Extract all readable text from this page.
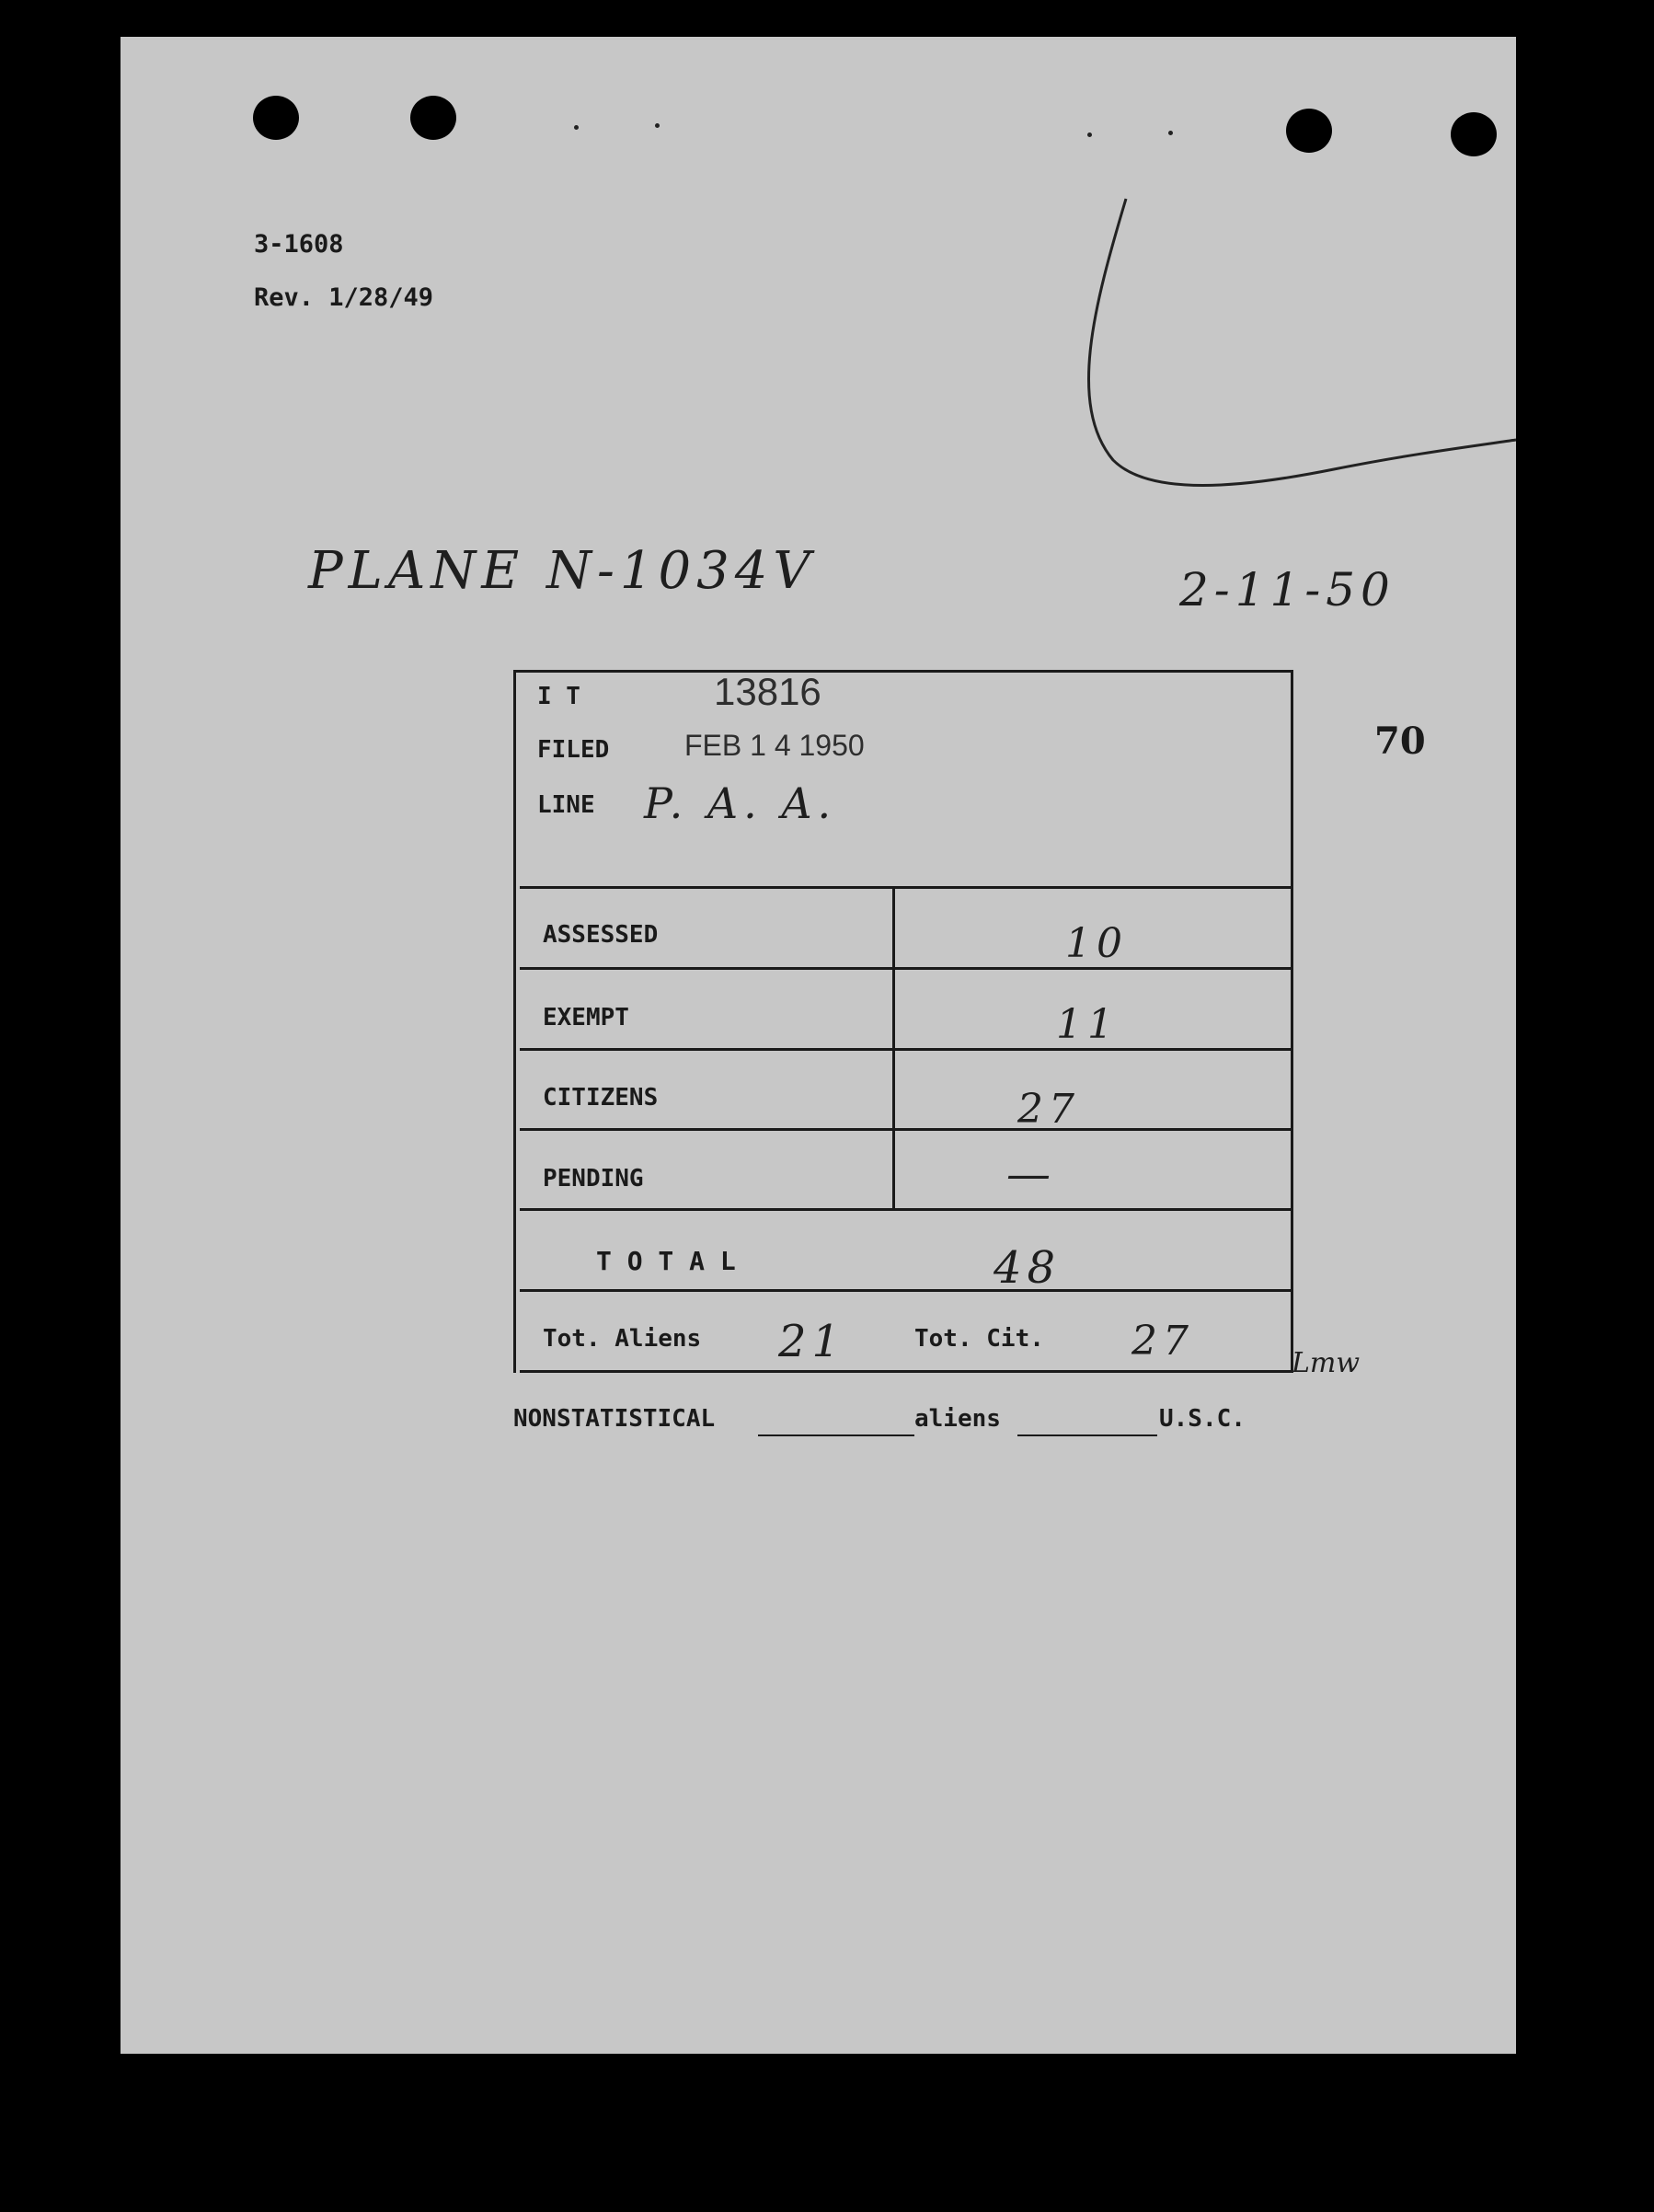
3-1608
Rev. 1/28/49
PLANE N-1034V	2-11-50
I T	13816
FILED	FEB 1 4 1950
LINE P. A. A.
70
ASSESSED	10
EXEMPT	11
CITIZENS	27
PENDING	—
T O T A L	48
Tot. Aliens 21	Tot. Cit. 27	Lmw
NONSTATISTICAL	aliens	U.S.C.
